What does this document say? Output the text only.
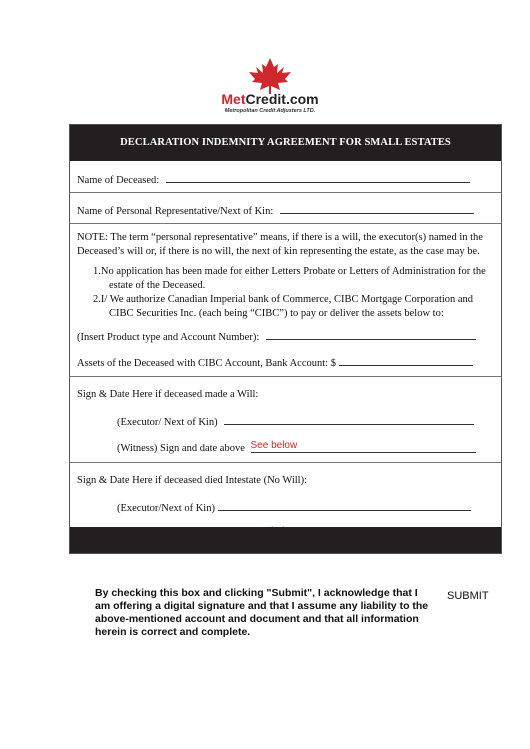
MetCredit.com
Metropolitan Credit Adjusters LTD.
DECLARATION INDEMNITY AGREEMENT FOR SMALL ESTATES
Name of Deceased:
Name of Personal Representative/Next of Kin:

NOTE: The term “personal representative” means, if there is a will, the executor(s) named in the Deceased’s will or, if there is no will, the next of kin representing the estate, as the case may be.

1.No application has been made for either Letters Probate or Letters of Administration for the
estate of the Deceased.
2.I/ We authorize Canadian Imperial bank of Commerce, CIBC Mortgage Corporation and
CIBC Securities Inc. (each being “CIBC”) to pay or deliver the assets below to:
(Insert Product type and Account Number):
Assets of the Deceased with CIBC Account, Bank Account: $
Sign & Date Here if deceased made a Will:
(Executor/ Next of Kin)
(Witness) Sign and date above See below
Sign & Date Here if deceased died Intestate (No Will):
(Executor/Next of Kin)
By checking this box and clicking "Submit", I acknowledge that I am offering a digital signature and that I assume any liability to the above-mentioned account and document and that all information herein is correct and complete.
SUBMIT
